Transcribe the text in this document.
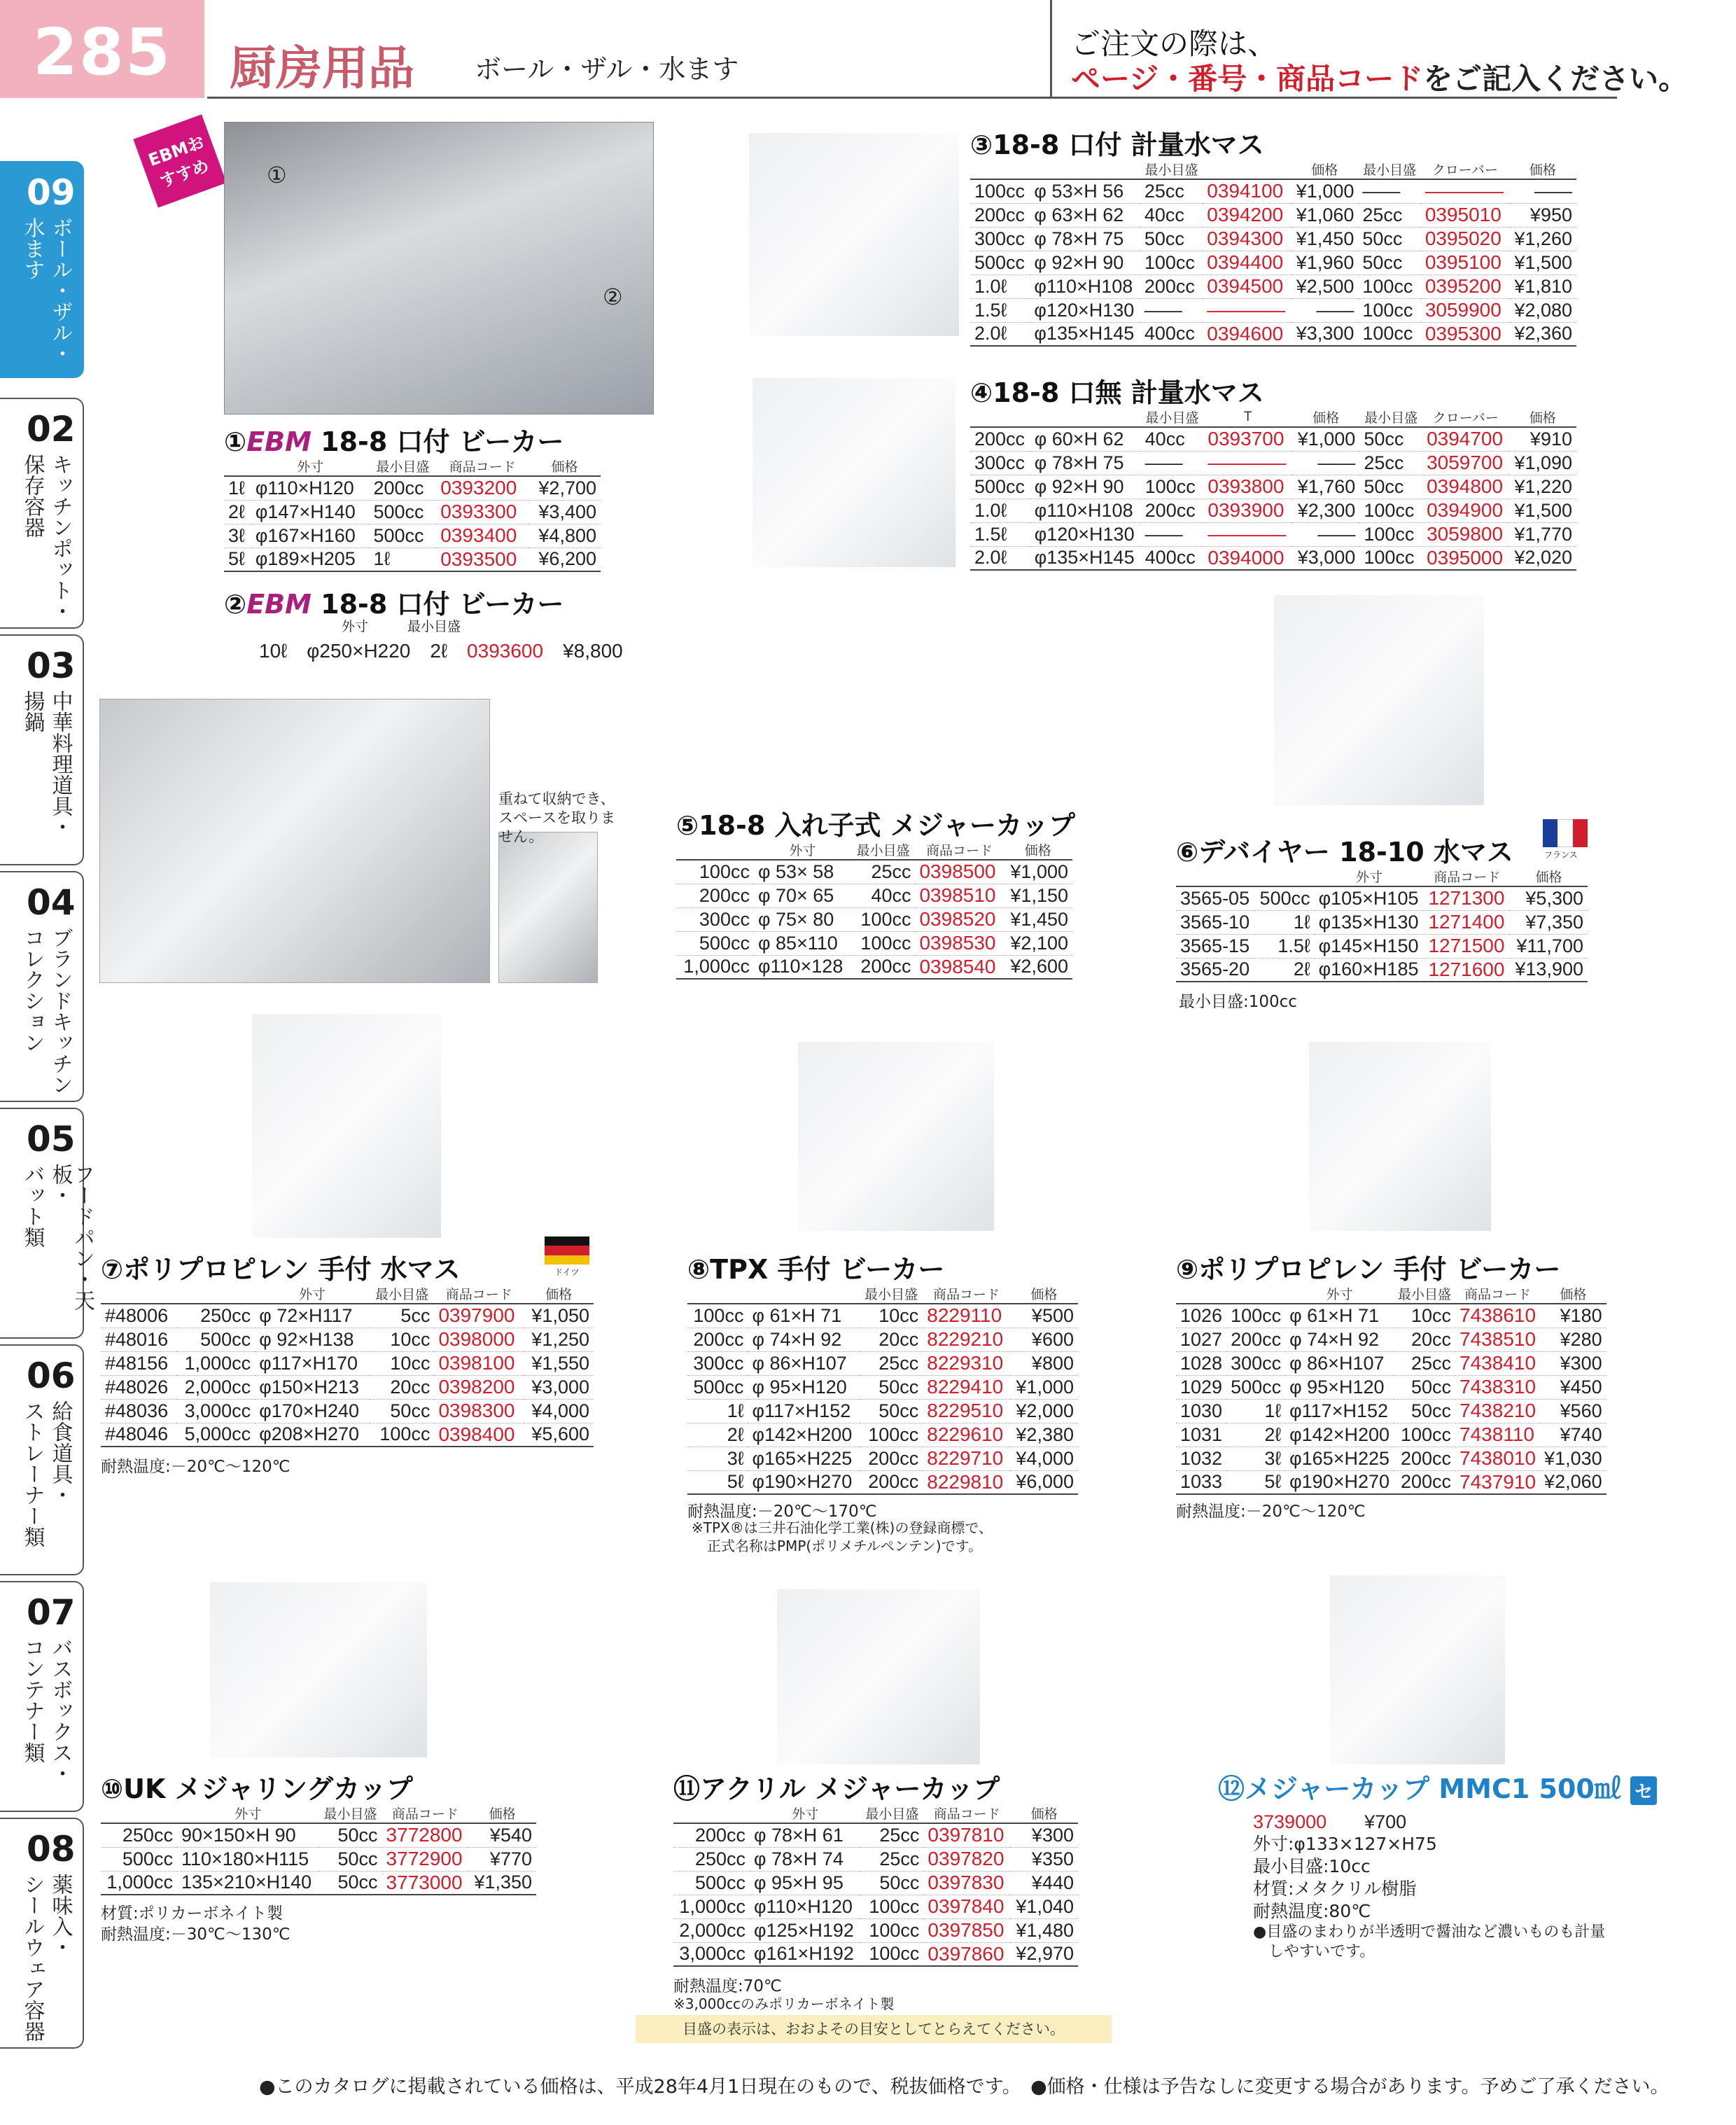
285	厨房用品 ボール・ザル・水ます
ご注文の際は、
ページ・番号・商品コードをご記入ください。
09
ボール・ザル・
水ます
02
キッチンポット・
保存容器
03
中華料理道具・
揚鍋
04
ブランドキッチン
コレクション
05
フードパン・天板・
バット類
06
給食道具・
ストレーナー類
07
バスボックス・
コンテナー類
08
薬味入・
シールウェア容器
EBMおすすめ	①
②
①EBM 18-8 口付 ビーカー
	外寸	最小目盛	商品コード	価格
1ℓ	φ110×H120	200cc	0393200	¥2,700
2ℓ	φ147×H140	500cc	0393300	¥3,400
3ℓ	φ167×H160	500cc	0393400	¥4,800
5ℓ	φ189×H205	1ℓ	0393500	¥6,200
②EBM 18-8 口付 ビーカー
外寸	最小目盛
10ℓ　 φ250×H220　 2ℓ　 0393600　 ¥8,800
③18-8 口付 計量水マス
		最小目盛		価格	最小目盛	クローバー	価格
100cc	φ 53×H 56	25cc	0394100	¥1,000	——	————	——
200cc	φ 63×H 62	40cc	0394200	¥1,060	25cc	0395010	¥950
300cc	φ 78×H 75	50cc	0394300	¥1,450	50cc	0395020	¥1,260
500cc	φ 92×H 90	100cc	0394400	¥1,960	50cc	0395100	¥1,500
1.0ℓ	φ110×H108	200cc	0394500	¥2,500	100cc	0395200	¥1,810
1.5ℓ	φ120×H130	——	————	——	100cc	3059900	¥2,080
2.0ℓ	φ135×H145	400cc	0394600	¥3,300	100cc	0395300	¥2,360
④18-8 口無 計量水マス
		最小目盛	T	価格	最小目盛	クローバー	価格
200cc	φ 60×H 62	40cc	0393700	¥1,000	50cc	0394700	¥910
300cc	φ 78×H 75	——	————	——	25cc	3059700	¥1,090
500cc	φ 92×H 90	100cc	0393800	¥1,760	50cc	0394800	¥1,220
1.0ℓ	φ110×H108	200cc	0393900	¥2,300	100cc	0394900	¥1,500
1.5ℓ	φ120×H130	——	————	——	100cc	3059800	¥1,770
2.0ℓ	φ135×H145	400cc	0394000	¥3,000	100cc	0395000	¥2,020
重ねて収納でき、スペースを取りません。	⑤18-8 入れ子式 メジャーカップ
	外寸	最小目盛	商品コード	価格
100cc	φ 53× 58	25cc	0398500	¥1,000
200cc	φ 70× 65	40cc	0398510	¥1,150
300cc	φ 75× 80	100cc	0398520	¥1,450
500cc	φ 85×110	100cc	0398530	¥2,100
1,000cc	φ110×128	200cc	0398540	¥2,600
⑥デバイヤー 18-10 水マス	フランス
		外寸	商品コード	価格
3565-05	500cc	φ105×H105	1271300	¥5,300
3565-10	1ℓ	φ135×H130	1271400	¥7,350
3565-15	1.5ℓ	φ145×H150	1271500	¥11,700
3565-20	2ℓ	φ160×H185	1271600	¥13,900
最小目盛:100cc
⑦ポリプロピレン 手付 水マス	ドイツ
		外寸	最小目盛	商品コード	価格
#48006	250cc	φ 72×H117	5cc	0397900	¥1,050
#48016	500cc	φ 92×H138	10cc	0398000	¥1,250
#48156	1,000cc	φ117×H170	10cc	0398100	¥1,550
#48026	2,000cc	φ150×H213	20cc	0398200	¥3,000
#48036	3,000cc	φ170×H240	50cc	0398300	¥4,000
#48046	5,000cc	φ208×H270	100cc	0398400	¥5,600
耐熱温度:－20℃～120℃
⑧TPX 手付 ビーカー
		最小目盛	商品コード	価格
100cc	φ 61×H 71	10cc	8229110	¥500
200cc	φ 74×H 92	20cc	8229210	¥600
300cc	φ 86×H107	25cc	8229310	¥800
500cc	φ 95×H120	50cc	8229410	¥1,000
1ℓ	φ117×H152	50cc	8229510	¥2,000
2ℓ	φ142×H200	100cc	8229610	¥2,380
3ℓ	φ165×H225	200cc	8229710	¥4,000
5ℓ	φ190×H270	200cc	8229810	¥6,000
耐熱温度:－20℃～170℃
※TPX®は三井石油化学工業(株)の登録商標で、
正式名称はPMP(ポリメチルペンテン)です。
⑨ポリプロピレン 手付 ビーカー
		外寸	最小目盛	商品コード	価格
1026	100cc	φ 61×H 71	10cc	7438610	¥180
1027	200cc	φ 74×H 92	20cc	7438510	¥280
1028	300cc	φ 86×H107	25cc	7438410	¥300
1029	500cc	φ 95×H120	50cc	7438310	¥450
1030	1ℓ	φ117×H152	50cc	7438210	¥560
1031	2ℓ	φ142×H200	100cc	7438110	¥740
1032	3ℓ	φ165×H225	200cc	7438010	¥1,030
1033	5ℓ	φ190×H270	200cc	7437910	¥2,060
耐熱温度:－20℃～120℃
⑩UK メジャリングカップ
	外寸	最小目盛	商品コード	価格
250cc	90×150×H 90	50cc	3772800	¥540
500cc	110×180×H115	50cc	3772900	¥770
1,000cc	135×210×H140	50cc	3773000	¥1,350
材質:ポリカーボネイト製
耐熱温度:－30℃～130℃
⑪アクリル メジャーカップ
	外寸	最小目盛	商品コード	価格
200cc	φ 78×H 61	25cc	0397810	¥300
250cc	φ 78×H 74	25cc	0397820	¥350
500cc	φ 95×H 95	50cc	0397830	¥440
1,000cc	φ110×H120	100cc	0397840	¥1,040
2,000cc	φ125×H192	100cc	0397850	¥1,480
3,000cc	φ161×H192	100cc	0397860	¥2,970
耐熱温度:70℃
※3,000ccのみポリカーボネイト製
⑫メジャーカップ MMC1 500㎖ セ
3739000　　 ¥700
外寸:φ133×127×H75
最小目盛:10cc
材質:メタクリル樹脂
耐熱温度:80℃
●目盛のまわりが半透明で醤油など濃いものも計量
しやすいです。
目盛の表示は、おおよその目安としてとらえてください。
●このカタログに掲載されている価格は、平成28年4月1日現在のもので、税抜価格です。　●価格・仕様は予告なしに変更する場合があります。予めご了承ください。
